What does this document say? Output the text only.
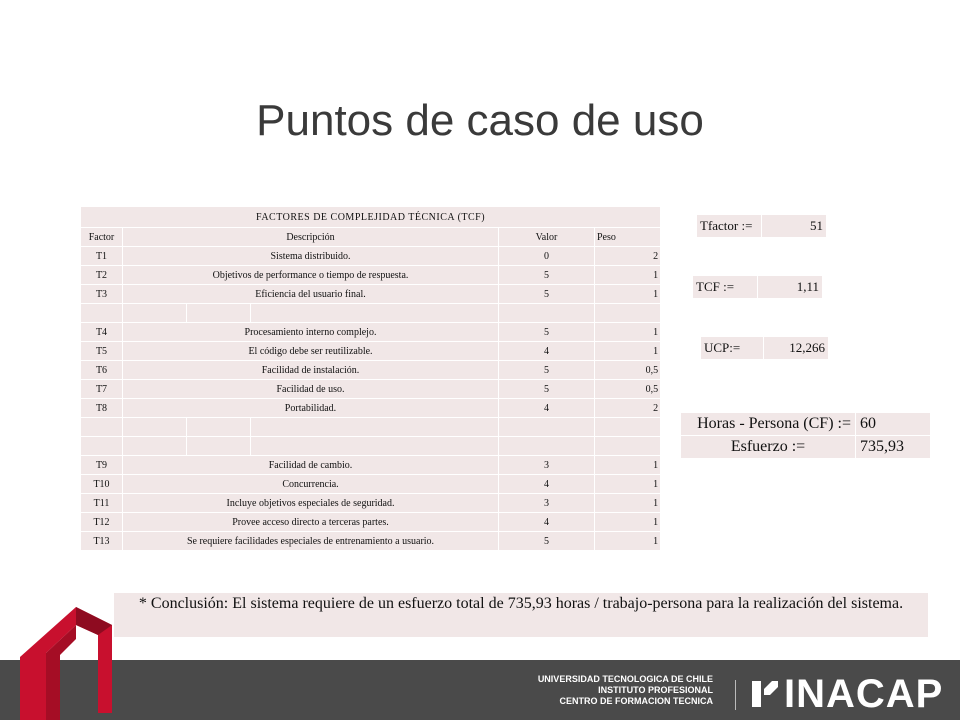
Puntos de caso de uso
FACTORES DE COMPLEJIDAD TÉCNICA (TCF)					
Factor	Descripción			Valor	Peso
T1	Sistema distribuido.			0	2
T2	Objetivos de performance o tiempo de respuesta.			5	1
T3	Eficiencia del usuario final.			5	1

T4	Procesamiento interno complejo.			5	1
T5	El código debe ser reutilizable.			4	1
T6	Facilidad de instalación.			5	0,5
T7	Facilidad de uso.			5	0,5
T8	Portabilidad.			4	2

T9	Facilidad de cambio.			3	1
T10	Concurrencia.			4	1
T11	Incluye objetivos especiales de seguridad.			3	1
T12	Provee acceso directo a terceras partes.			4	1
T13	Se requiere facilidades especiales de entrenamiento a usuario.			5	1
Tfactor :=	51
TCF :=	1,11
UCP:=	12,266
Horas - Persona (CF) :=	60
Esfuerzo :=	735,93
* Conclusión: El sistema requiere de un esfuerzo total de 735,93 horas / trabajo-persona para la realización del sistema.
UNIVERSIDAD TECNOLOGICA DE CHILE
INSTITUTO PROFESIONAL
CENTRO DE FORMACION TECNICA INACAP
